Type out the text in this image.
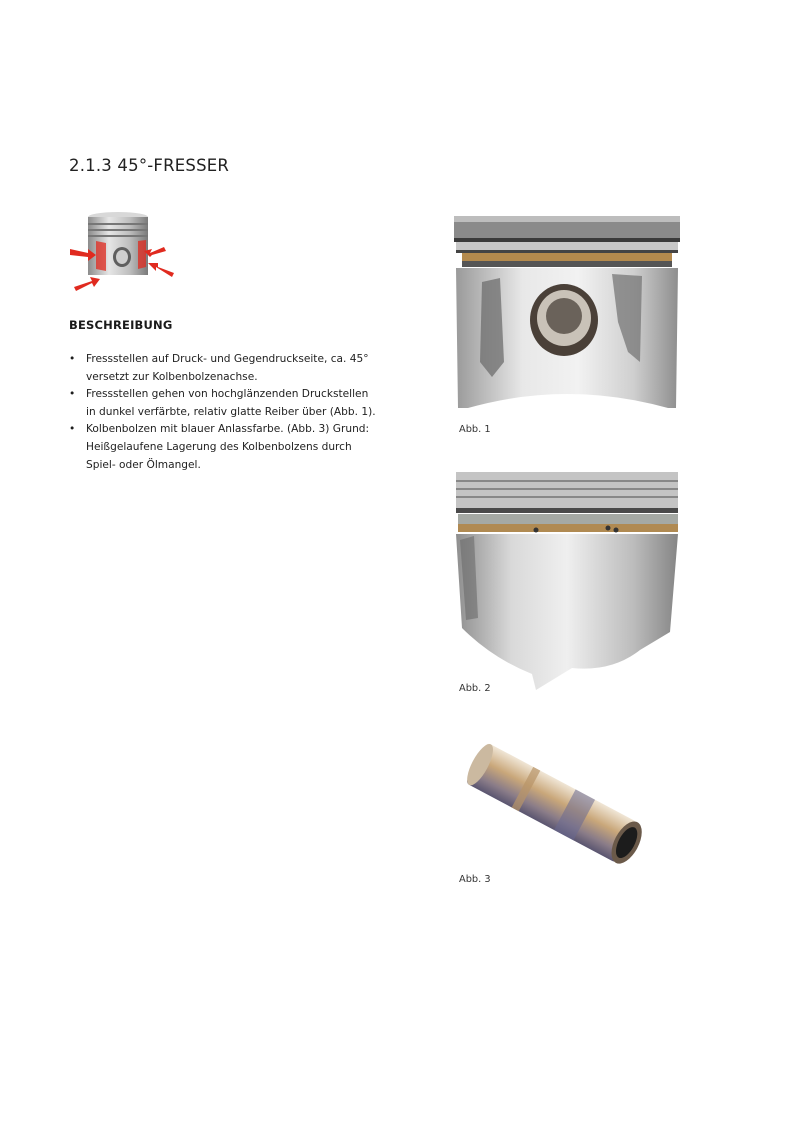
2.1.3 45°-FRESSER
BESCHREIBUNG
• Fressstellen auf Druck- und Gegendruckseite, ca. 45° versetzt zur Kolbenbolzenachse.
• Fressstellen gehen von hochglänzenden Druckstellen in dunkel verfärbte, relativ glatte Reiber über (Abb. 1).
• Kolbenbolzen mit blauer Anlassfarbe. (Abb. 3) Grund: Heißgelaufene Lagerung des Kolbenbolzens durch Spiel- oder Ölmangel.
Abb. 1
Abb. 2
Abb. 3
